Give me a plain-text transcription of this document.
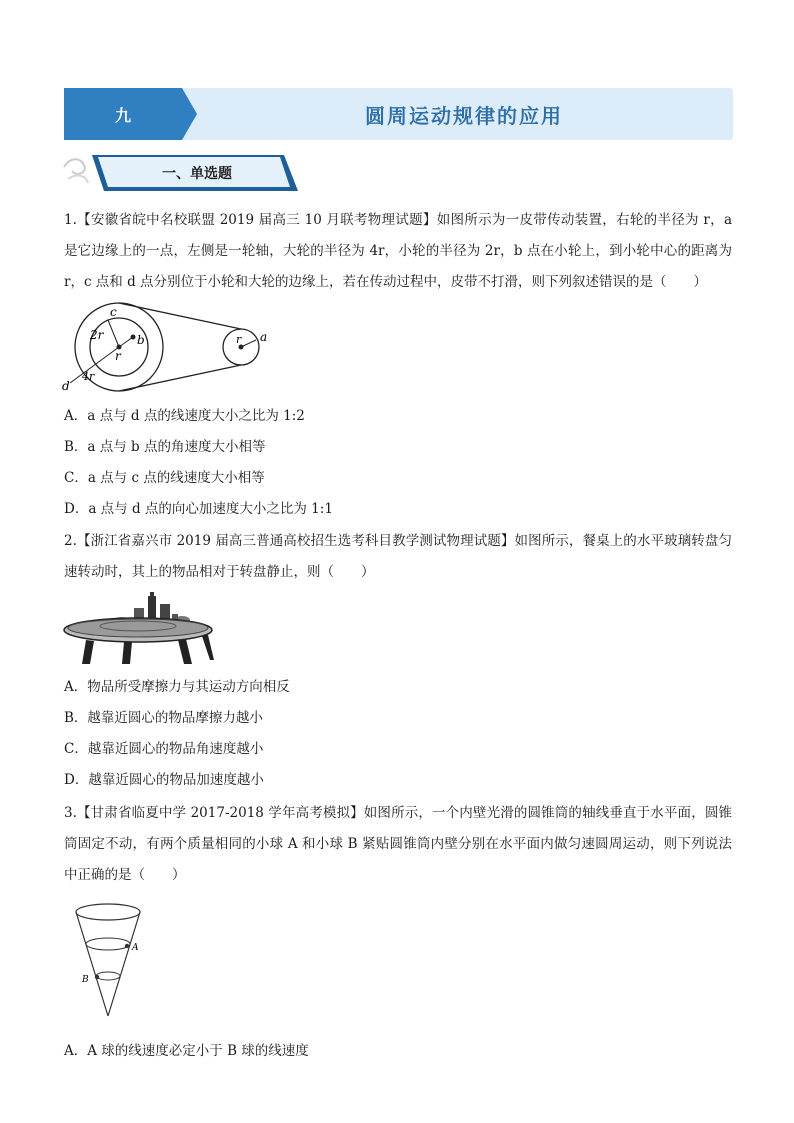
九	圆周运动规律的应用
一、单选题
1.【安徽省皖中名校联盟 2019 届高三 10 月联考物理试题】如图所示为一皮带传动装置，右轮的半径为 r，a 是它边缘上的一点，左侧是一轮轴，大轮的半径为 4r，小轮的半径为 2r，b 点在小轮上，到小轮中心的距离为 r，c 点和 d 点分别位于小轮和大轮的边缘上，若在传动过程中，皮带不打滑，则下列叙述错误的是（　　）
c
2r	b
r
4r
d
r a
A．a 点与 d 点的线速度大小之比为 1:2
B．a 点与 b 点的角速度大小相等
C．a 点与 c 点的线速度大小相等
D．a 点与 d 点的向心加速度大小之比为 1:1
2.【浙江省嘉兴市 2019 届高三普通高校招生选考科目教学测试物理试题】如图所示，餐桌上的水平玻璃转盘匀速转动时，其上的物品相对于转盘静止，则（　　）
A．物品所受摩擦力与其运动方向相反
B．越靠近圆心的物品摩擦力越小
C．越靠近圆心的物品角速度越小
D．越靠近圆心的物品加速度越小
3.【甘肃省临夏中学 2017-2018 学年高考模拟】如图所示，一个内壁光滑的圆锥筒的轴线垂直于水平面，圆锥筒固定不动，有两个质量相同的小球 A 和小球 B 紧贴圆锥筒内壁分别在水平面内做匀速圆周运动，则下列说法中正确的是（　　）
A
B
A．A 球的线速度必定小于 B 球的线速度
